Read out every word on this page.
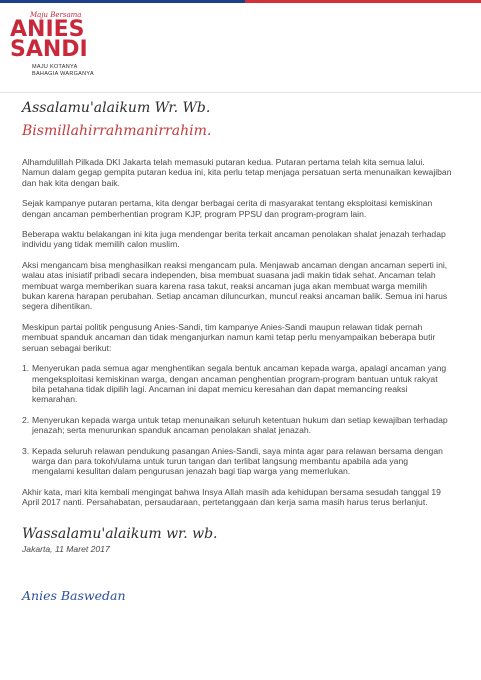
Maju Bersama
ANIES
SANDI
MAJU KOTANYA
BAHAGIA WARGANYA
Assalamu'alaikum Wr. Wb.
Bismillahirrahmanirrahim.

Alhamdulillah Pilkada DKI Jakarta telah memasuki putaran kedua. Putaran pertama telah kita semua lalui. Namun dalam gegap gempita putaran kedua ini, kita perlu tetap menjaga persatuan serta menunaikan kewajiban dan hak kita dengan baik.

Sejak kampanye putaran pertama, kita dengar berbagai cerita di masyarakat tentang eksploitasi kemiskinan dengan ancaman pemberhentian program KJP, program PPSU dan program-program lain.

Beberapa waktu belakangan ini kita juga mendengar berita terkait ancaman penolakan shalat jenazah terhadap individu yang tidak memilih calon muslim.

Aksi mengancam bisa menghasilkan reaksi mengancam pula. Menjawab ancaman dengan ancaman seperti ini, walau atas inisiatif pribadi secara independen, bisa membuat suasana jadi makin tidak sehat. Ancaman telah membuat warga memberikan suara karena rasa takut, reaksi ancaman juga akan membuat warga memilih bukan karena harapan perubahan. Setiap ancaman diluncurkan, muncul reaksi ancaman balik. Semua ini harus segera dihentikan.

Meskipun partai politik pengusung Anies-Sandi, tim kampanye Anies-Sandi maupun relawan tidak pernah membuat spanduk ancaman dan tidak menganjurkan namun kami tetap perlu menyampaikan beberapa butir seruan sebagai berikut:

1. Menyerukan pada semua agar menghentikan segala bentuk ancaman kepada warga, apalagi ancaman yang mengeksploitasi kemiskinan warga, dengan ancaman penghentian program-program bantuan untuk rakyat bila petahana tidak dipilih lagi. Ancaman ini dapat memicu keresahan dan dapat memancing reaksi kemarahan.
2. Menyerukan kepada warga untuk tetap menunaikan seluruh ketentuan hukum dan setiap kewajiban terhadap jenazah; serta menurunkan spanduk ancaman penolakan shalat jenazah.
3. Kepada seluruh relawan pendukung pasangan Anies-Sandi, saya minta agar para relawan bersama dengan warga dan para tokoh/ulama untuk turun tangan dan terlibat langsung membantu apabila ada yang mengalami kesulitan dalam pengurusan jenazah bagi tiap warga yang memerlukan.

Akhir kata, mari kita kembali mengingat bahwa Insya Allah masih ada kehidupan bersama sesudah tanggal 19 April 2017 nanti. Persahabatan, persaudaraan, pertetanggaan dan kerja sama masih harus terus berlanjut.

Wassalamu'alaikum wr. wb.
Jakarta, 11 Maret 2017
Anies Baswedan
